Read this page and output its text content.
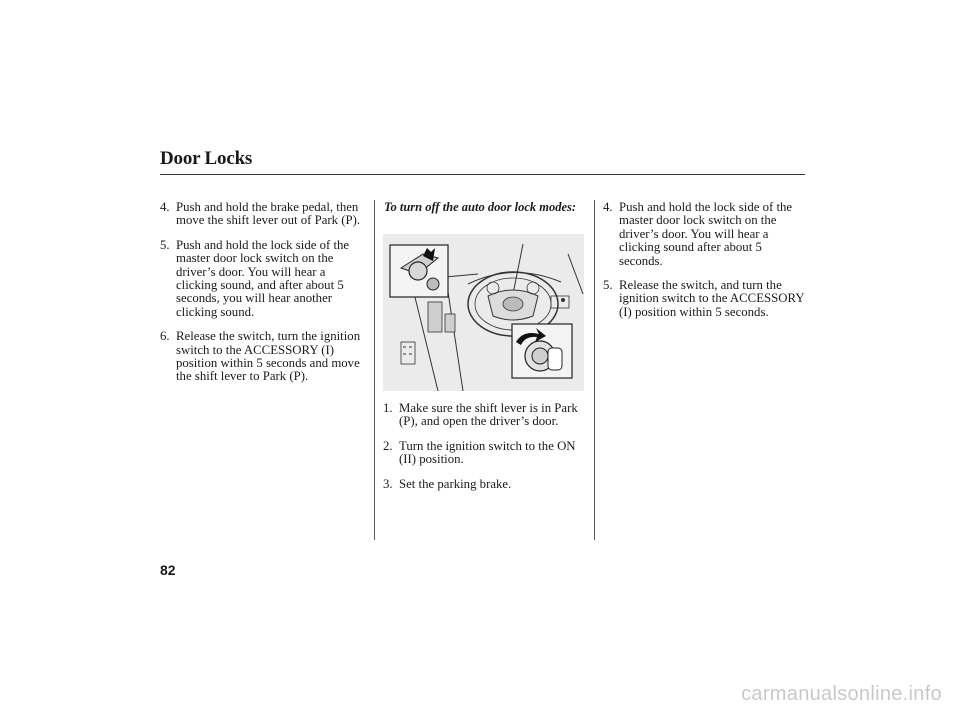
Door Locks
4. Push and hold the brake pedal, then move the shift lever out of Park (P).
5. Push and hold the lock side of the master door lock switch on the driver’s door. You will hear a clicking sound, and after about 5 seconds, you will hear another clicking sound.
6. Release the switch, turn the ignition switch to the ACCESSORY (I) position within 5 seconds and move the shift lever to Park (P).
To turn off the auto door lock modes:
1. Make sure the shift lever is in Park (P), and open the driver’s door.
2. Turn the ignition switch to the ON (II) position.
3. Set the parking brake.
4. Push and hold the lock side of the master door lock switch on the driver’s door. You will hear a clicking sound after about 5 seconds.
5. Release the switch, and turn the ignition switch to the ACCESSORY (I) position within 5 seconds.
82
carmanualsonline.info
